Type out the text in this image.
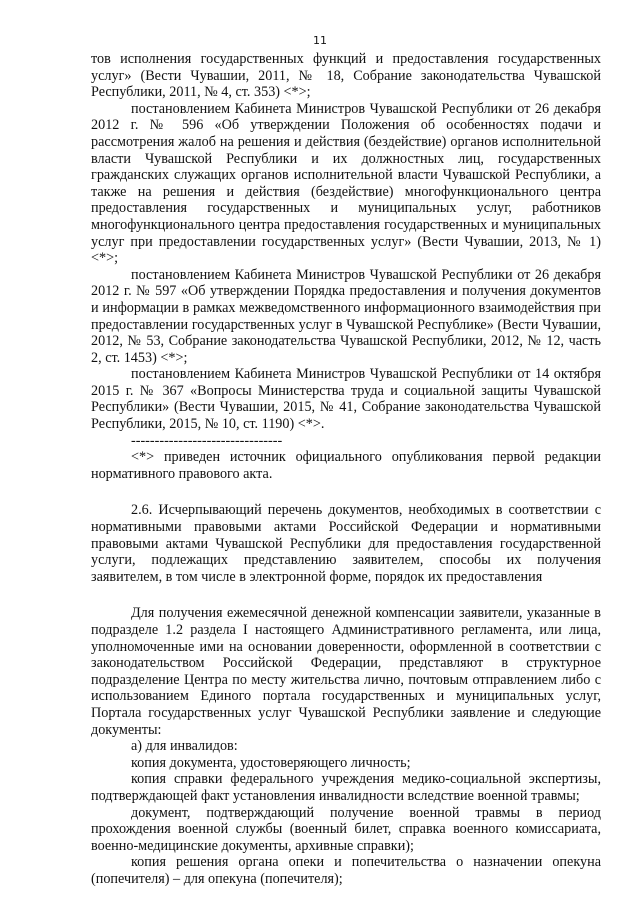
11

тов исполнения государственных функций и предоставления государственных услуг» (Вести Чувашии, 2011, № 18, Собрание законодательства Чувашской Республики, 2011, № 4, ст. 353) <*>;

постановлением Кабинета Министров Чувашской Республики от 26 декабря 2012 г. № 596 «Об утверждении Положения об особенностях подачи и рассмотрения жалоб на решения и действия (бездействие) органов исполнительной власти Чувашской Республики и их должностных лиц, государственных гражданских служащих органов исполнительной власти Чувашской Республики, а также на решения и действия (бездействие) многофункционального центра предоставления государственных и муниципальных услуг, работников многофункционального центра предоставления государственных и муниципальных услуг при предоставлении государственных услуг» (Вести Чувашии, 2013, № 1) <*>;

постановлением Кабинета Министров Чувашской Республики от 26 декабря 2012 г. № 597 «Об утверждении Порядка предоставления и получения документов и информации в рамках межведомственного информационного взаимодействия при предоставлении государственных услуг в Чувашской Республике» (Вести Чувашии, 2012, № 53, Собрание законодательства Чувашской Республики, 2012, № 12, часть 2, ст. 1453) <*>;

постановлением Кабинета Министров Чувашской Республики от 14 октября 2015 г. № 367 «Вопросы Министерства труда и социальной защиты Чувашской Республики» (Вести Чувашии, 2015, № 41, Собрание законодательства Чувашской Республики, 2015, № 10, ст. 1190) <*>.

--------------------------------

<*> приведен источник официального опубликования первой редакции нормативного правового акта.

2.6. Исчерпывающий перечень документов, необходимых в соответствии с нормативными правовыми актами Российской Федерации и нормативными правовыми актами Чувашской Республики для предоставления государственной услуги, подлежащих представлению заявителем, способы их получения заявителем, в том числе в электронной форме, порядок их предоставления

Для получения ежемесячной денежной компенсации заявители, указанные в подразделе 1.2 раздела I настоящего Административного регламента, или лица, уполномоченные ими на основании доверенности, оформленной в соответствии с законодательством Российской Федерации, представляют в структурное подразделение Центра по месту жительства лично, почтовым отправлением либо с использованием Единого портала государственных и муниципальных услуг, Портала государственных услуг Чувашской Республики заявление и следующие документы:

а) для инвалидов:

копия документа, удостоверяющего личность;

копия справки федерального учреждения медико-социальной экспертизы, подтверждающей факт установления инвалидности вследствие военной травмы;

документ, подтверждающий получение военной травмы в период прохождения военной службы (военный билет, справка военного комиссариата, военно-медицинские документы, архивные справки);

копия решения органа опеки и попечительства о назначении опекуна (попечителя) – для опекуна (попечителя);
